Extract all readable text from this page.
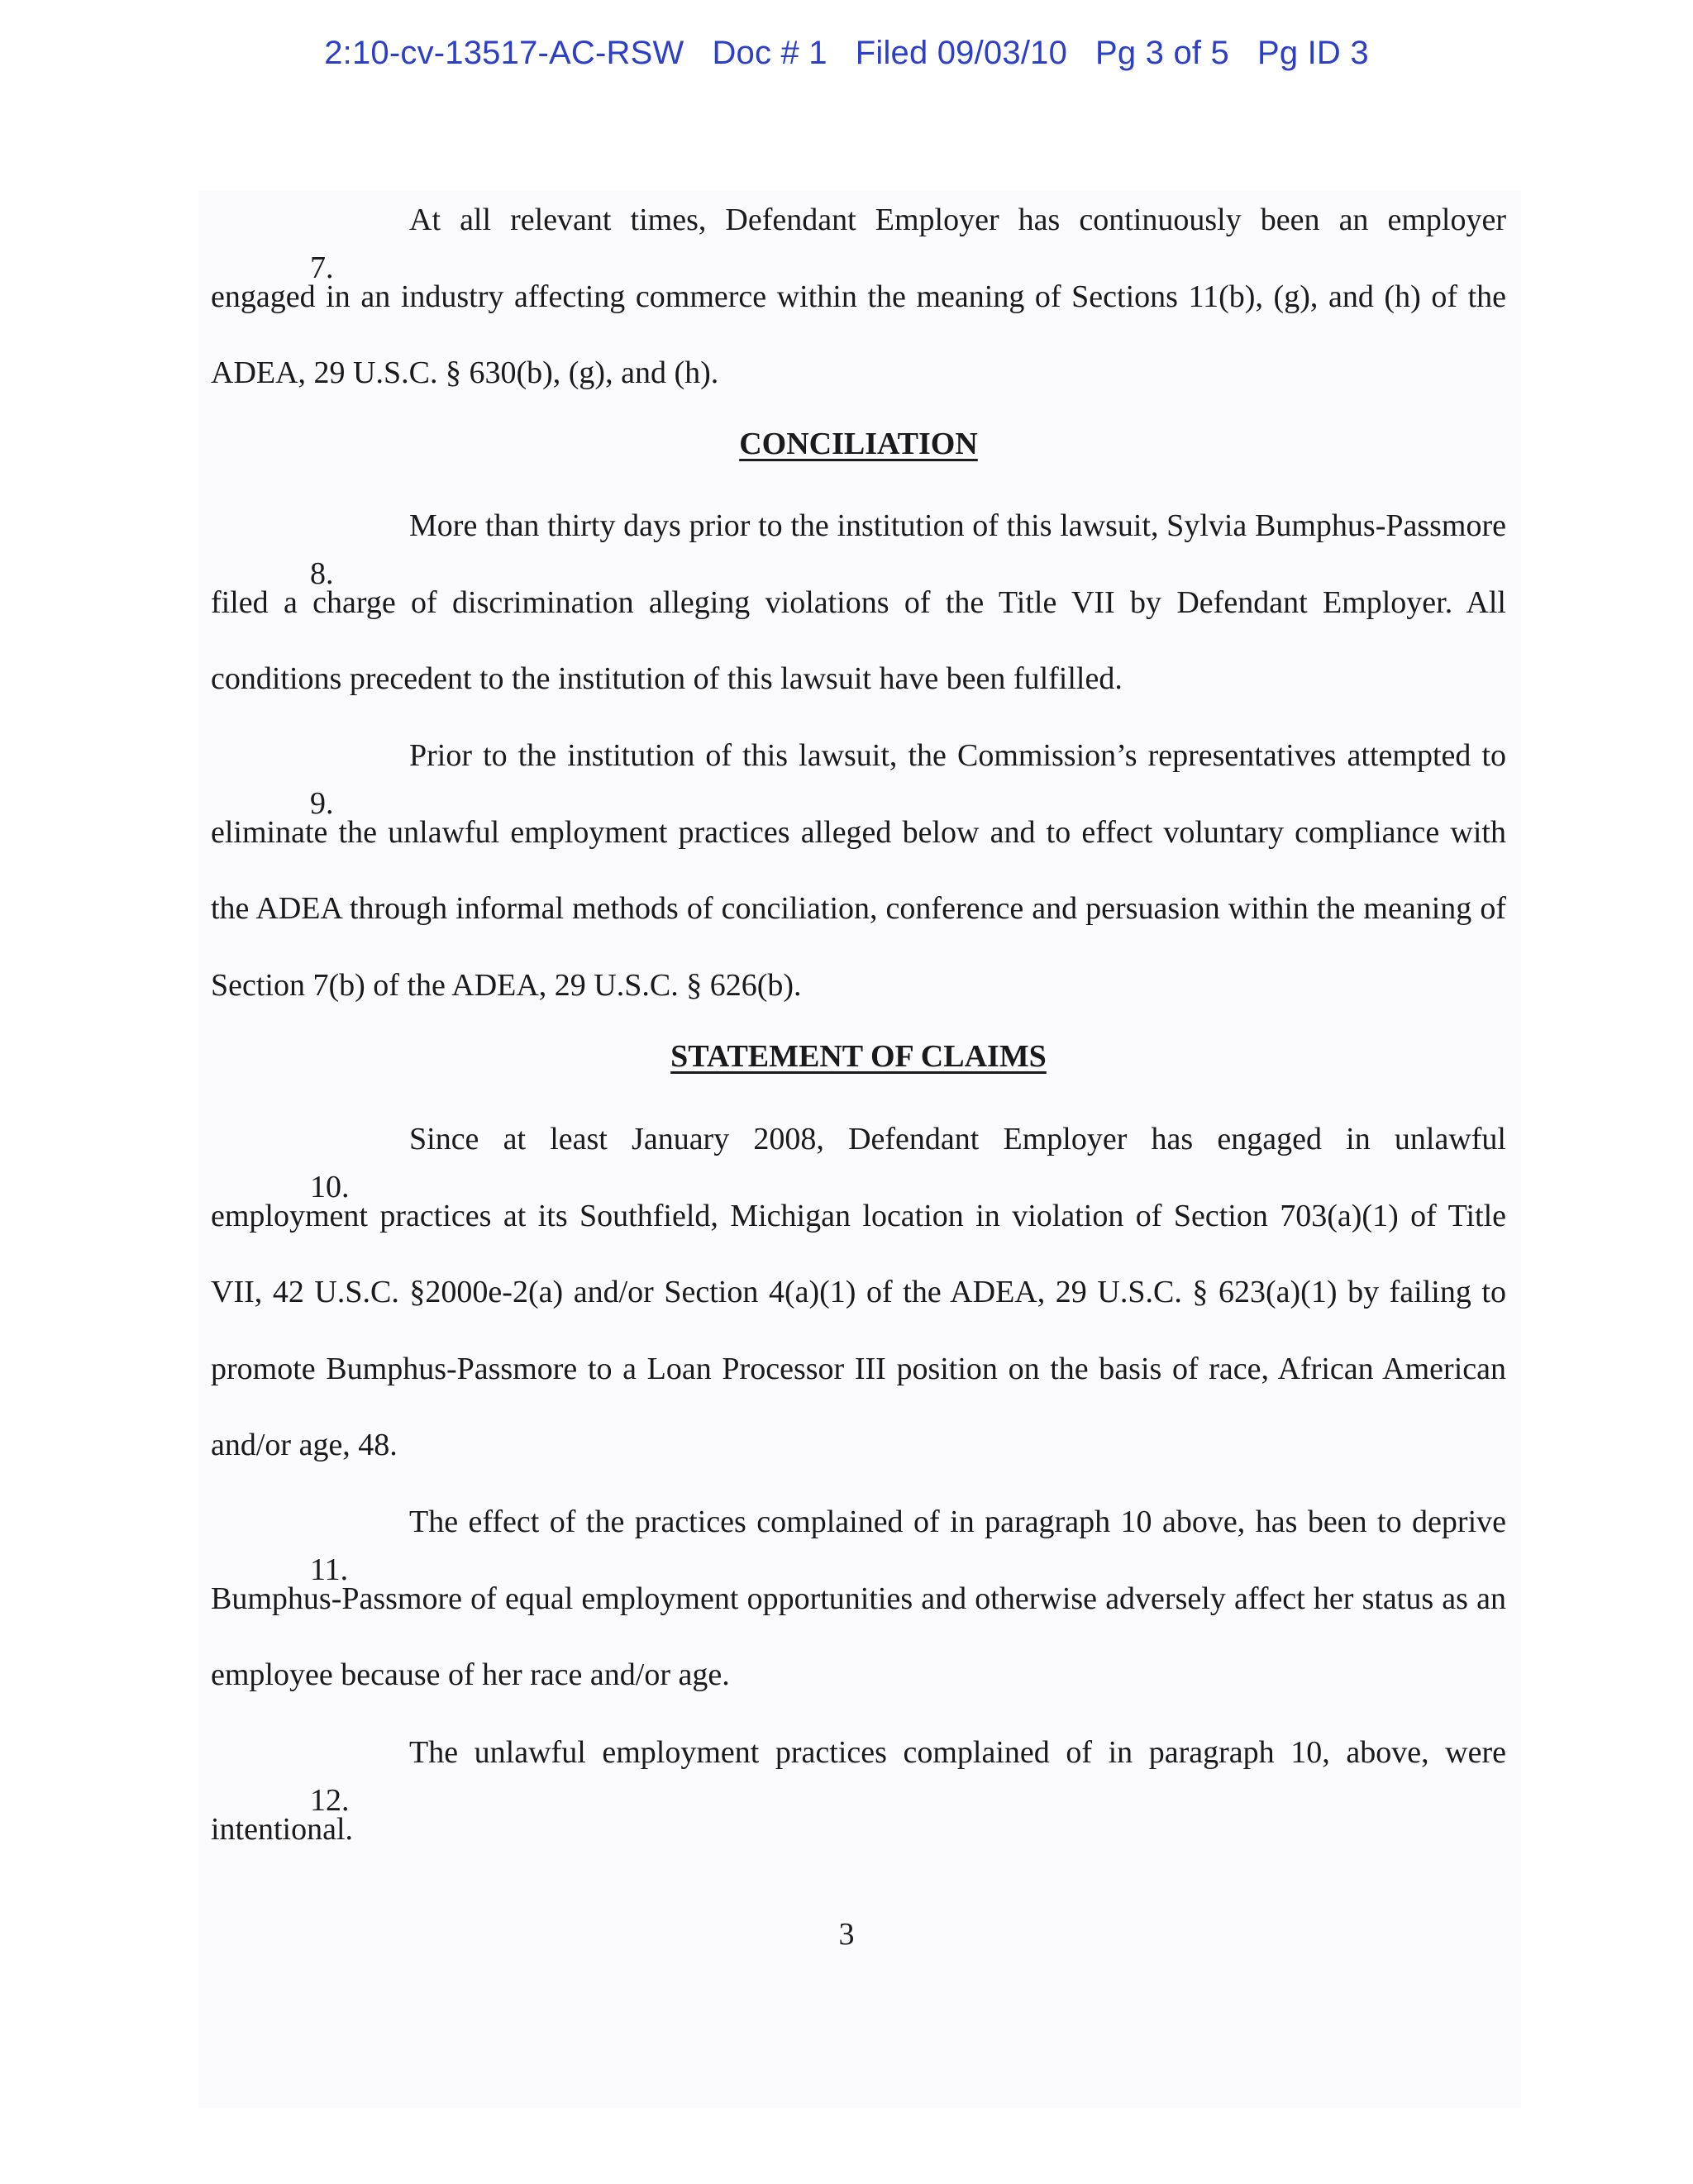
2:10-cv-13517-AC-RSW Doc # 1 Filed 09/03/10 Pg 3 of 5 Pg ID 3
7.
At all relevant times, Defendant Employer has continuously been an employer engaged in an industry affecting commerce within the meaning of Sections 11(b), (g), and (h) of the ADEA, 29 U.S.C. § 630(b), (g), and (h).
CONCILIATION
8.
More than thirty days prior to the institution of this lawsuit, Sylvia Bumphus-Passmore filed a charge of discrimination alleging violations of the Title VII by Defendant Employer. All conditions precedent to the institution of this lawsuit have been fulfilled.
9.
Prior to the institution of this lawsuit, the Commission’s representatives attempted to eliminate the unlawful employment practices alleged below and to effect voluntary compliance with the ADEA through informal methods of conciliation, conference and persuasion within the meaning of Section 7(b) of the ADEA, 29 U.S.C. § 626(b).
STATEMENT OF CLAIMS
10.
Since at least January 2008, Defendant Employer has engaged in unlawful employment practices at its Southfield, Michigan location in violation of Section 703(a)(1) of Title VII, 42 U.S.C. §2000e-2(a) and/or Section 4(a)(1) of the ADEA, 29 U.S.C. § 623(a)(1) by failing to promote Bumphus-Passmore to a Loan Processor III position on the basis of race, African American and/or age, 48.
11.
The effect of the practices complained of in paragraph 10 above, has been to deprive Bumphus-Passmore of equal employment opportunities and otherwise adversely affect her status as an employee because of her race and/or age.
12.
The unlawful employment practices complained of in paragraph 10, above, were intentional.
3
